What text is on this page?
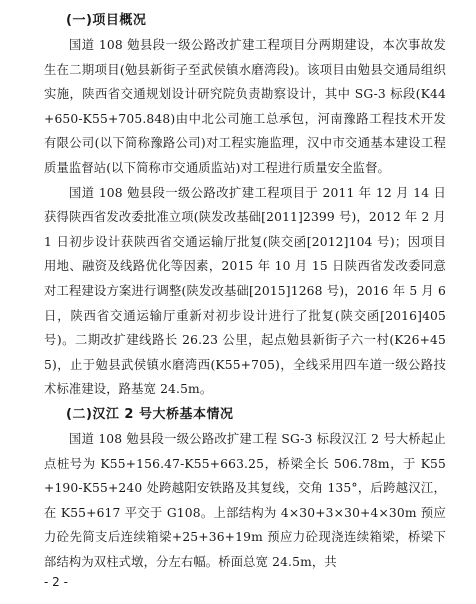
(一)项目概况

国道 108 勉县段一级公路改扩建工程项目分两期建设，本次事故发生在二期项目(勉县新街子至武侯镇水磨湾段)。该项目由勉县交通局组织实施，陕西省交通规划设计研究院负责勘察设计，其中 SG-3 标段(K44+650-K55+705.848)由中北公司施工总承包，河南豫路工程技术开发有限公司(以下简称豫路公司)对工程实施监理，汉中市交通基本建设工程质量监督站(以下简称市交通质监站)对工程进行质量安全监督。

国道 108 勉县段一级公路改扩建工程项目于 2011 年 12 月 14 日获得陕西省发改委批准立项(陕发改基础[2011]2399 号)，2012 年 2 月 1 日初步设计获陕西省交通运输厅批复(陕交函[2012]104 号)；因项目用地、融资及线路优化等因素，2015 年 10 月 15 日陕西省发改委同意对工程建设方案进行调整(陕发改基础[2015]1268 号)，2016 年 5 月 6 日，陕西省交通运输厅重新对初步设计进行了批复(陕交函[2016]405 号)。二期改扩建线路长 26.23 公里，起点勉县新街子六一村(K26+455)，止于勉县武侯镇水磨湾西(K55+705)，全线采用四车道一级公路技术标准建设，路基宽 24.5m。

(二)汉江 2 号大桥基本情况

国道 108 勉县段一级公路改扩建工程 SG-3 标段汉江 2 号大桥起止点桩号为 K55+156.47-K55+663.25，桥梁全长 506.78m，于 K55+190-K55+240 处跨越阳安铁路及其复线，交角 135°，后跨越汉江，在 K55+617 平交于 G108。上部结构为 4×30+3×30+4×30m 预应力砼先简支后连续箱梁+25+36+19m 预应力砼现浇连续箱梁，桥梁下部结构为双柱式墩，分左右幅。桥面总宽 24.5m，共

- 2 -
